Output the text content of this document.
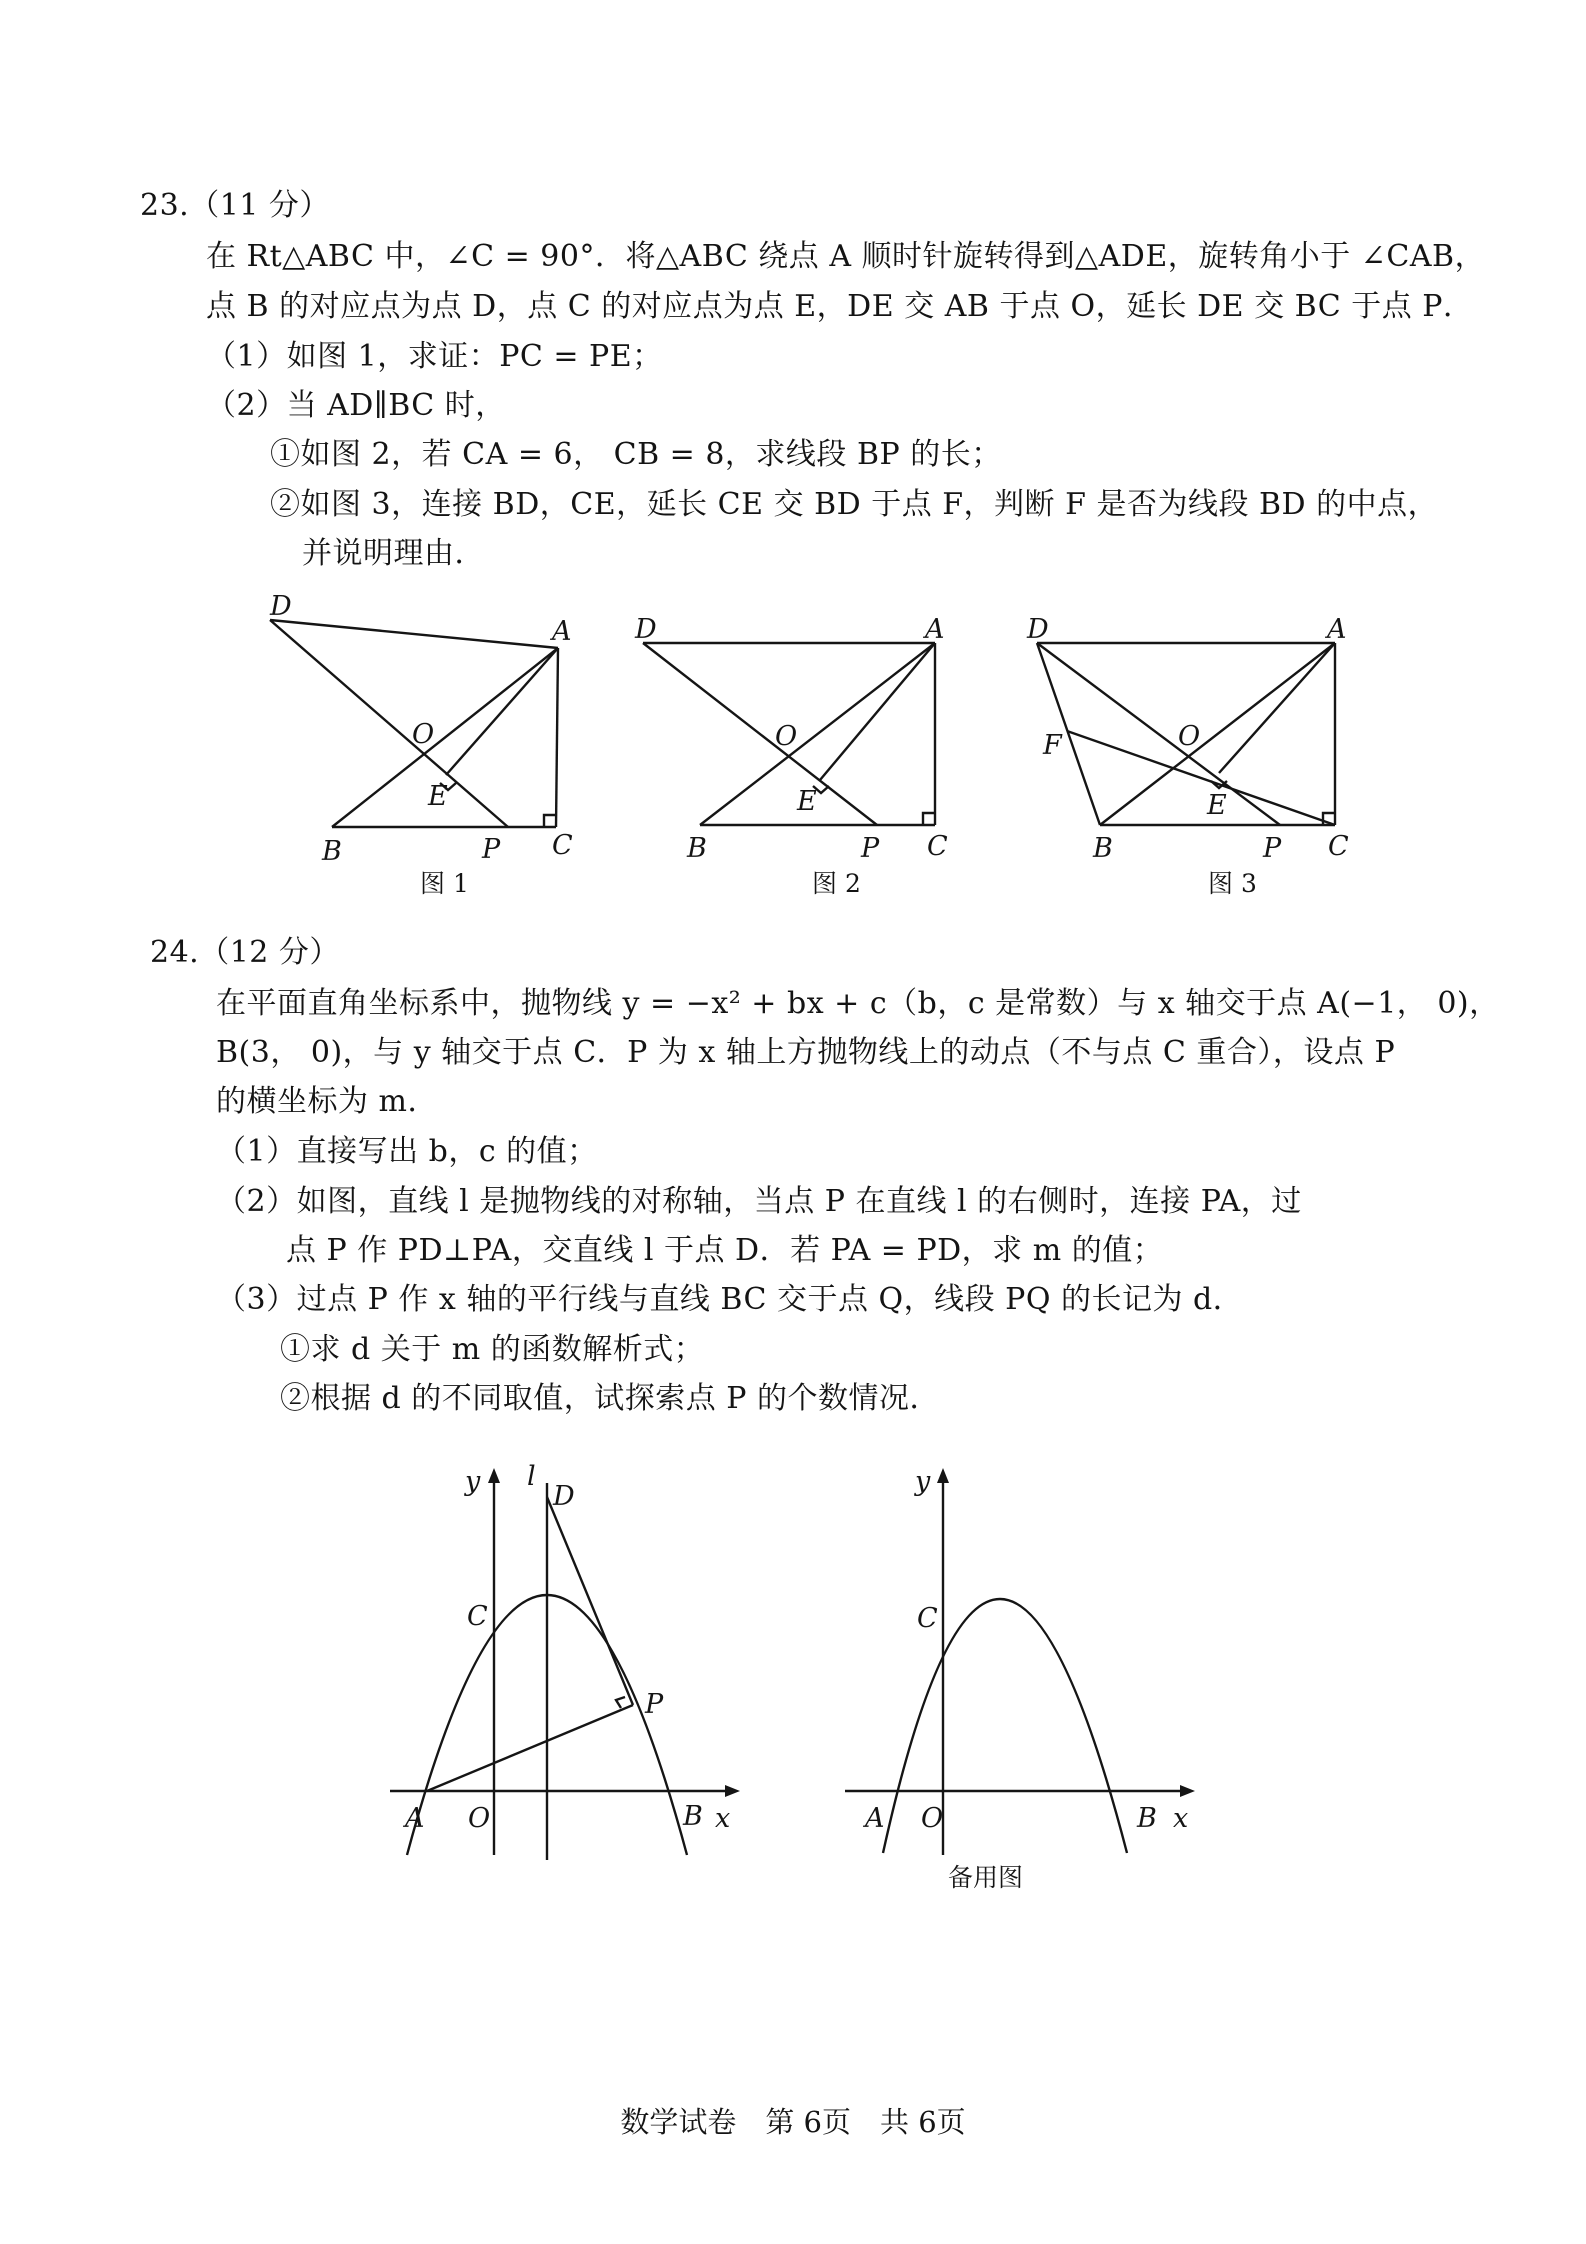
23.（11 分）
在 Rt△ABC 中，∠C = 90°．将△ABC 绕点 A 顺时针旋转得到△ADE，旋转角小于 ∠CAB，
点 B 的对应点为点 D，点 C 的对应点为点 E，DE 交 AB 于点 O，延长 DE 交 BC 于点 P．
（1）如图 1，求证：PC = PE；
（2）当 AD∥BC 时，
①如图 2，若 CA = 6， CB = 8，求线段 BP 的长；
②如图 3，连接 BD，CE，延长 CE 交 BD 于点 F，判断 F 是否为线段 BD 的中点，
并说明理由．
D
A
O
E
B	P C
图 1
D	A
O
E
B	P C
图 2
D	A
F	O
E
B	P C
图 3
24.（12 分）
在平面直角坐标系中，抛物线 y = −x² + bx + c（b，c 是常数）与 x 轴交于点 A(−1， 0)，
B(3， 0)，与 y 轴交于点 C．P 为 x 轴上方抛物线上的动点（不与点 C 重合），设点 P
的横坐标为 m．
（1）直接写出 b，c 的值；
（2）如图，直线 l 是抛物线的对称轴，当点 P 在直线 l 的右侧时，连接 PA，过
点 P 作 PD⊥PA，交直线 l 于点 D．若 PA = PD，求 m 的值；
（3）过点 P 作 x 轴的平行线与直线 BC 交于点 Q，线段 PQ 的长记为 d．
①求 d 关于 m 的函数解析式；
②根据 d 的不同取值，试探索点 P 的个数情况．
y l
D
C
P
A O	B x
y
C
A O	B x
备用图
数学试卷　第 6页　共 6页
